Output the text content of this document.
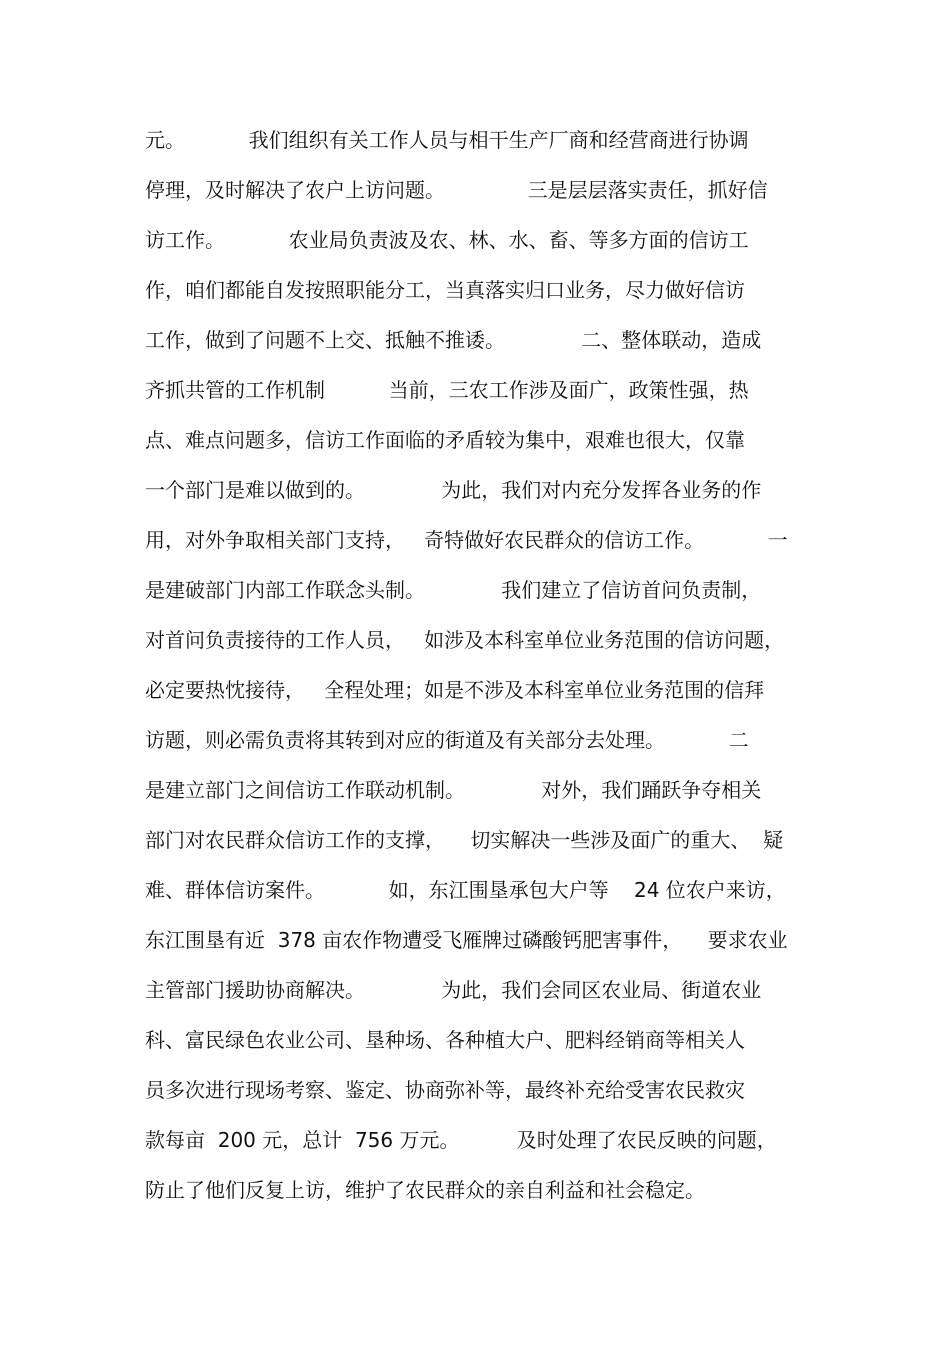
元。          我们组织有关工作人员与相干生产厂商和经营商进行协调
停理，及时解决了农户上访问题。             三是层层落实责任，抓好信
访工作。          农业局负责波及农、林、水、畜、等多方面的信访工
作，咱们都能自发按照职能分工，当真落实归口业务，尽力做好信访
工作，做到了问题不上交、抵触不推诿。            二、整体联动，造成
齐抓共管的工作机制          当前，三农工作涉及面广，政策性强，热
点、难点问题多，信访工作面临的矛盾较为集中，艰难也很大，仅靠
一个部门是难以做到的。            为此，我们对内充分发挥各业务的作
用，对外争取相关部门支持，   奇特做好农民群众的信访工作。          一
是建破部门内部工作联念头制。            我们建立了信访首问负责制，
对首问负责接待的工作人员，   如涉及本科室单位业务范围的信访问题，
必定要热忱接待，   全程处理；如是不涉及本科室单位业务范围的信拜
访题，则必需负责将其转到对应的街道及有关部分去处理。          二
是建立部门之间信访工作联动机制。            对外，我们踊跃争夺相关
部门对农民群众信访工作的支撑，    切实解决一些涉及面广的重大、  疑
难、群体信访案件。          如，东江围垦承包大户等    24 位农户来访，
东江围垦有近  378 亩农作物遭受飞雁牌过磷酸钙肥害事件，    要求农业
主管部门援助协商解决。            为此，我们会同区农业局、街道农业
科、富民绿色农业公司、垦种场、各种植大户、肥料经销商等相关人
员多次进行现场考察、鉴定、协商弥补等，最终补充给受害农民救灾
款每亩  200 元，总计  756 万元。         及时处理了农民反映的问题，
防止了他们反复上访，维护了农民群众的亲自利益和社会稳定。
